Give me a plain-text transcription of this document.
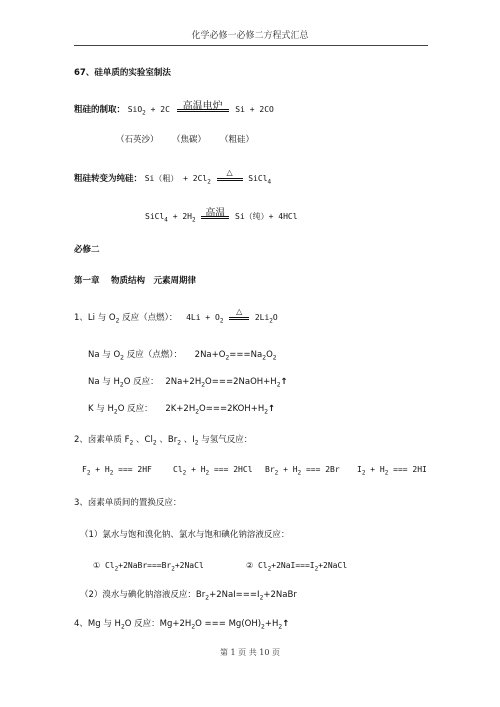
化学必修一必修二方程式汇总
67、硅单质的实验室制法
粗硅的制取： SiO$_2$ + 2C	高温电炉	Si + 2CO
（石英沙） （焦碳） （粗硅）
粗硅转变为纯硅： Si（粗） + $2Cl_2$
△
SiCl$_4$
SiCl$_4$ + $2H_2$
高温	Si（纯）+ 4HCl
必修二
第一章　 物质结构　元素周期律
1、Li 与 $O_2$ 反应（点燃）： $4Li + O_2$
△
$2Li_2O$
Na 与 $O_2$ 反应（点燃）： $2Na+O_2===Na_2O_2$
Na 与 $H_2O$ 反应： $2Na+2H_2O===2NaOH+H_2↑$
K 与 $H_2O$ 反应： $2K+2H_2O===2KOH+H_2↑$
2、卤素单质 $F_2$ 、$Cl_2$ 、$Br_2$ 、$I_2$ 与氢气反应：
$F_2 + H_2$ === 2HF	$Cl_2 + H_2$ === 2HCl $Br_2 + H_2$ === 2Br $I_2 + H_2$ === 2HI
3、卤素单质间的置换反应：
（1）氯水与饱和溴化钠、氯水与饱和碘化钠溶液反应：
① $Cl_2+2NaBr===Br_2+2NaCl$	② $Cl_2+2NaI===I_2+2NaCl$
（2）溴水与碘化钠溶液反应：$Br_2+2NaI===I_2+2NaBr$
4、Mg 与 $H_2O$ 反应：$Mg+2H_2O$ === $Mg(OH)_2+H_2↑$
第 1 页 共 10 页
